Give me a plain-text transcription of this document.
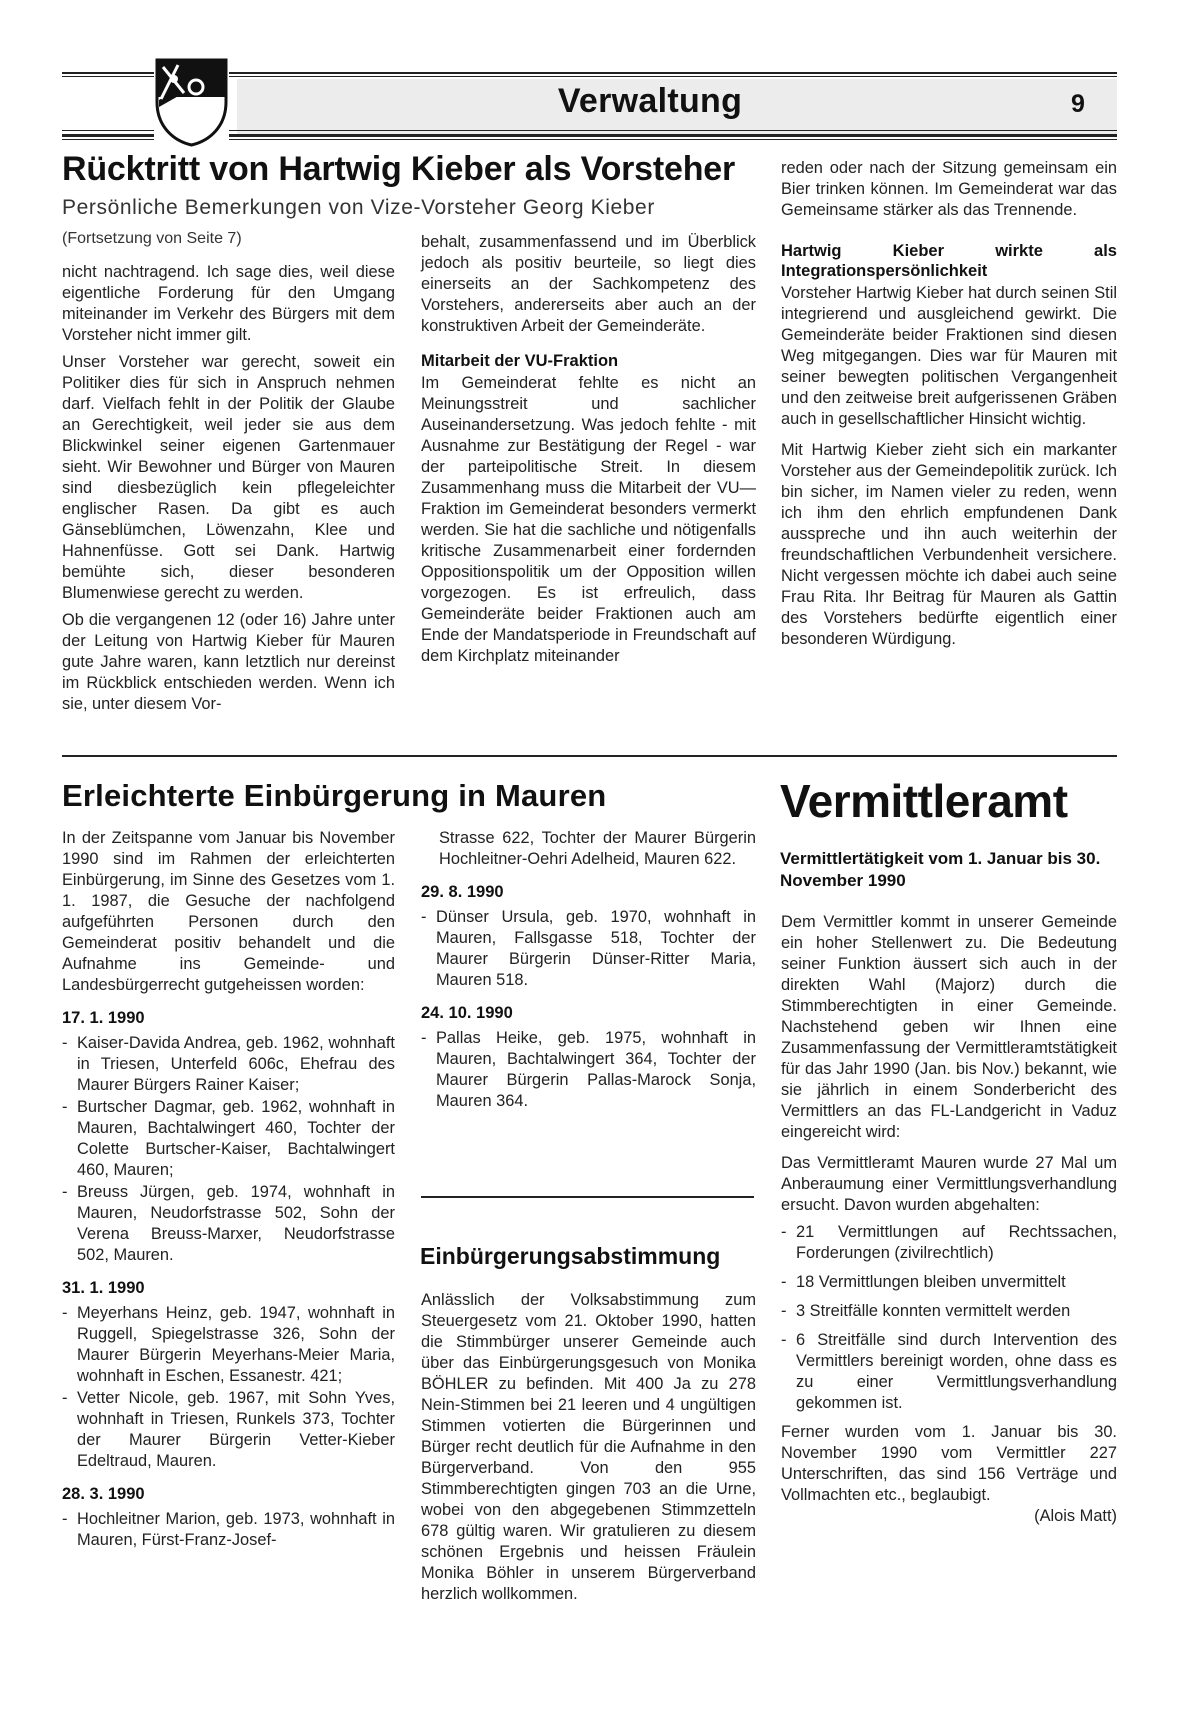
Verwaltung	9
Rücktritt von Hartwig Kieber als Vorsteher
Persönliche Bemerkungen von Vize-Vorsteher Georg Kieber
(Fortsetzung von Seite 7)

nicht nachtragend. Ich sage dies, weil diese eigentliche Forderung für den Umgang miteinander im Verkehr des Bürgers mit dem Vorsteher nicht immer gilt.

Unser Vorsteher war gerecht, soweit ein Politiker dies für sich in Anspruch nehmen darf. Vielfach fehlt in der Politik der Glaube an Gerechtigkeit, weil jeder sie aus dem Blickwinkel seiner eigenen Gartenmauer sieht. Wir Bewohner und Bürger von Mauren sind diesbezüglich kein pflegeleichter englischer Rasen. Da gibt es auch Gänseblümchen, Löwenzahn, Klee und Hahnenfüsse. Gott sei Dank. Hartwig bemühte sich, dieser besonderen Blumenwiese gerecht zu werden.

Ob die vergangenen 12 (oder 16) Jahre unter der Leitung von Hartwig Kieber für Mauren gute Jahre waren, kann letztlich nur dereinst im Rückblick entschieden werden. Wenn ich sie, unter diesem Vor-

behalt, zusammenfassend und im Überblick jedoch als positiv beurteile, so liegt dies einerseits an der Sachkompetenz des Vorstehers, andererseits aber auch an der konstruktiven Arbeit der Gemeinderäte.

Mitarbeit der VU-Fraktion

Im Gemeinderat fehlte es nicht an Meinungsstreit und sachlicher Auseinandersetzung. Was jedoch fehlte - mit Ausnahme zur Bestätigung der Regel - war der parteipolitische Streit. In diesem Zusammenhang muss die Mitarbeit der VU—Fraktion im Gemeinderat besonders vermerkt werden. Sie hat die sachliche und nötigenfalls kritische Zusammenarbeit einer fordernden Oppositionspolitik um der Opposition willen vorgezogen. Es ist erfreulich, dass Gemeinderäte beider Fraktionen auch am Ende der Mandatsperiode in Freundschaft auf dem Kirchplatz miteinander

reden oder nach der Sitzung gemeinsam ein Bier trinken können. Im Gemeinderat war das Gemeinsame stärker als das Trennende.

Hartwig Kieber wirkte als Integrationspersönlichkeit

Vorsteher Hartwig Kieber hat durch seinen Stil integrierend und ausgleichend gewirkt. Die Gemeinderäte beider Fraktionen sind diesen Weg mitgegangen. Dies war für Mauren mit seiner bewegten politischen Vergangenheit und den zeitweise breit aufgerissenen Gräben auch in gesellschaftlicher Hinsicht wichtig.

Mit Hartwig Kieber zieht sich ein markanter Vorsteher aus der Gemeindepolitik zurück. Ich bin sicher, im Namen vieler zu reden, wenn ich ihm den ehrlich empfundenen Dank ausspreche und ihn auch weiterhin der freundschaftlichen Verbundenheit versichere. Nicht vergessen möchte ich dabei auch seine Frau Rita. Ihr Beitrag für Mauren als Gattin des Vorstehers bedürfte eigentlich einer besonderen Würdigung.

Erleichterte Einbürgerung in Mauren

In der Zeitspanne vom Januar bis November 1990 sind im Rahmen der erleichterten Einbürgerung, im Sinne des Gesetzes vom 1. 1. 1987, die Gesuche der nachfolgend aufgeführten Personen durch den Gemeinderat positiv behandelt und die Aufnahme ins Gemeinde- und Landesbürgerrecht gutgeheissen worden:

17. 1. 1990
- Kaiser-Davida Andrea, geb. 1962, wohnhaft in Triesen, Unterfeld 606c, Ehefrau des Maurer Bürgers Rainer Kaiser;
- Burtscher Dagmar, geb. 1962, wohnhaft in Mauren, Bachtalwingert 460, Tochter der Colette Burtscher-Kaiser, Bachtalwingert 460, Mauren;
- Breuss Jürgen, geb. 1974, wohnhaft in Mauren, Neudorfstrasse 502, Sohn der Verena Breuss-Marxer, Neudorfstrasse 502, Mauren.
31. 1. 1990
- Meyerhans Heinz, geb. 1947, wohnhaft in Ruggell, Spiegelstrasse 326, Sohn der Maurer Bürgerin Meyerhans-Meier Maria, wohnhaft in Eschen, Essanestr. 421;
- Vetter Nicole, geb. 1967, mit Sohn Yves, wohnhaft in Triesen, Runkels 373, Tochter der Maurer Bürgerin Vetter-Kieber Edeltraud, Mauren.
28. 3. 1990
- Hochleitner Marion, geb. 1973, wohnhaft in Mauren, Fürst-Franz-Josef-

Strasse 622, Tochter der Maurer Bürgerin Hochleitner-Oehri Adelheid, Mauren 622.

29. 8. 1990
- Dünser Ursula, geb. 1970, wohnhaft in Mauren, Fallsgasse 518, Tochter der Maurer Bürgerin Dünser-Ritter Maria, Mauren 518.
24. 10. 1990
- Pallas Heike, geb. 1975, wohnhaft in Mauren, Bachtalwingert 364, Tochter der Maurer Bürgerin Pallas-Marock Sonja, Mauren 364.
Einbürgerungsabstimmung

Anlässlich der Volksabstimmung zum Steuergesetz vom 21. Oktober 1990, hatten die Stimmbürger unserer Gemeinde auch über das Einbürgerungsgesuch von Monika BÖHLER zu befinden. Mit 400 Ja zu 278 Nein-Stimmen bei 21 leeren und 4 ungültigen Stimmen votierten die Bürgerinnen und Bürger recht deutlich für die Aufnahme in den Bürgerverband. Von den 955 Stimmberechtigten gingen 703 an die Urne, wobei von den abgegebenen Stimmzetteln 678 gültig waren. Wir gratulieren zu diesem schönen Ergebnis und heissen Fräulein Monika Böhler in unserem Bürgerverband herzlich wollkommen.

Vermittleramt
Vermittlertätigkeit vom 1. Januar bis 30. November 1990

Dem Vermittler kommt in unserer Gemeinde ein hoher Stellenwert zu. Die Bedeutung seiner Funktion äussert sich auch in der direkten Wahl (Majorz) durch die Stimmberechtigten in einer Gemeinde. Nachstehend geben wir Ihnen eine Zusammenfassung der Vermittleramtstätigkeit für das Jahr 1990 (Jan. bis Nov.) bekannt, wie sie jährlich in einem Sonderbericht des Vermittlers an das FL-Landgericht in Vaduz eingereicht wird:

Das Vermittleramt Mauren wurde 27 Mal um Anberaumung einer Vermittlungsverhandlung ersucht. Davon wurden abgehalten:

- 21 Vermittlungen auf Rechtssachen, Forderungen (zivilrechtlich)
- 18 Vermittlungen bleiben unvermittelt
- 3 Streitfälle konnten vermittelt werden
- 6 Streitfälle sind durch Intervention des Vermittlers bereinigt worden, ohne dass es zu einer Vermittlungsverhandlung gekommen ist.

Ferner wurden vom 1. Januar bis 30. November 1990 vom Vermittler 227 Unterschriften, das sind 156 Verträge und Vollmachten etc., beglaubigt.

(Alois Matt)
